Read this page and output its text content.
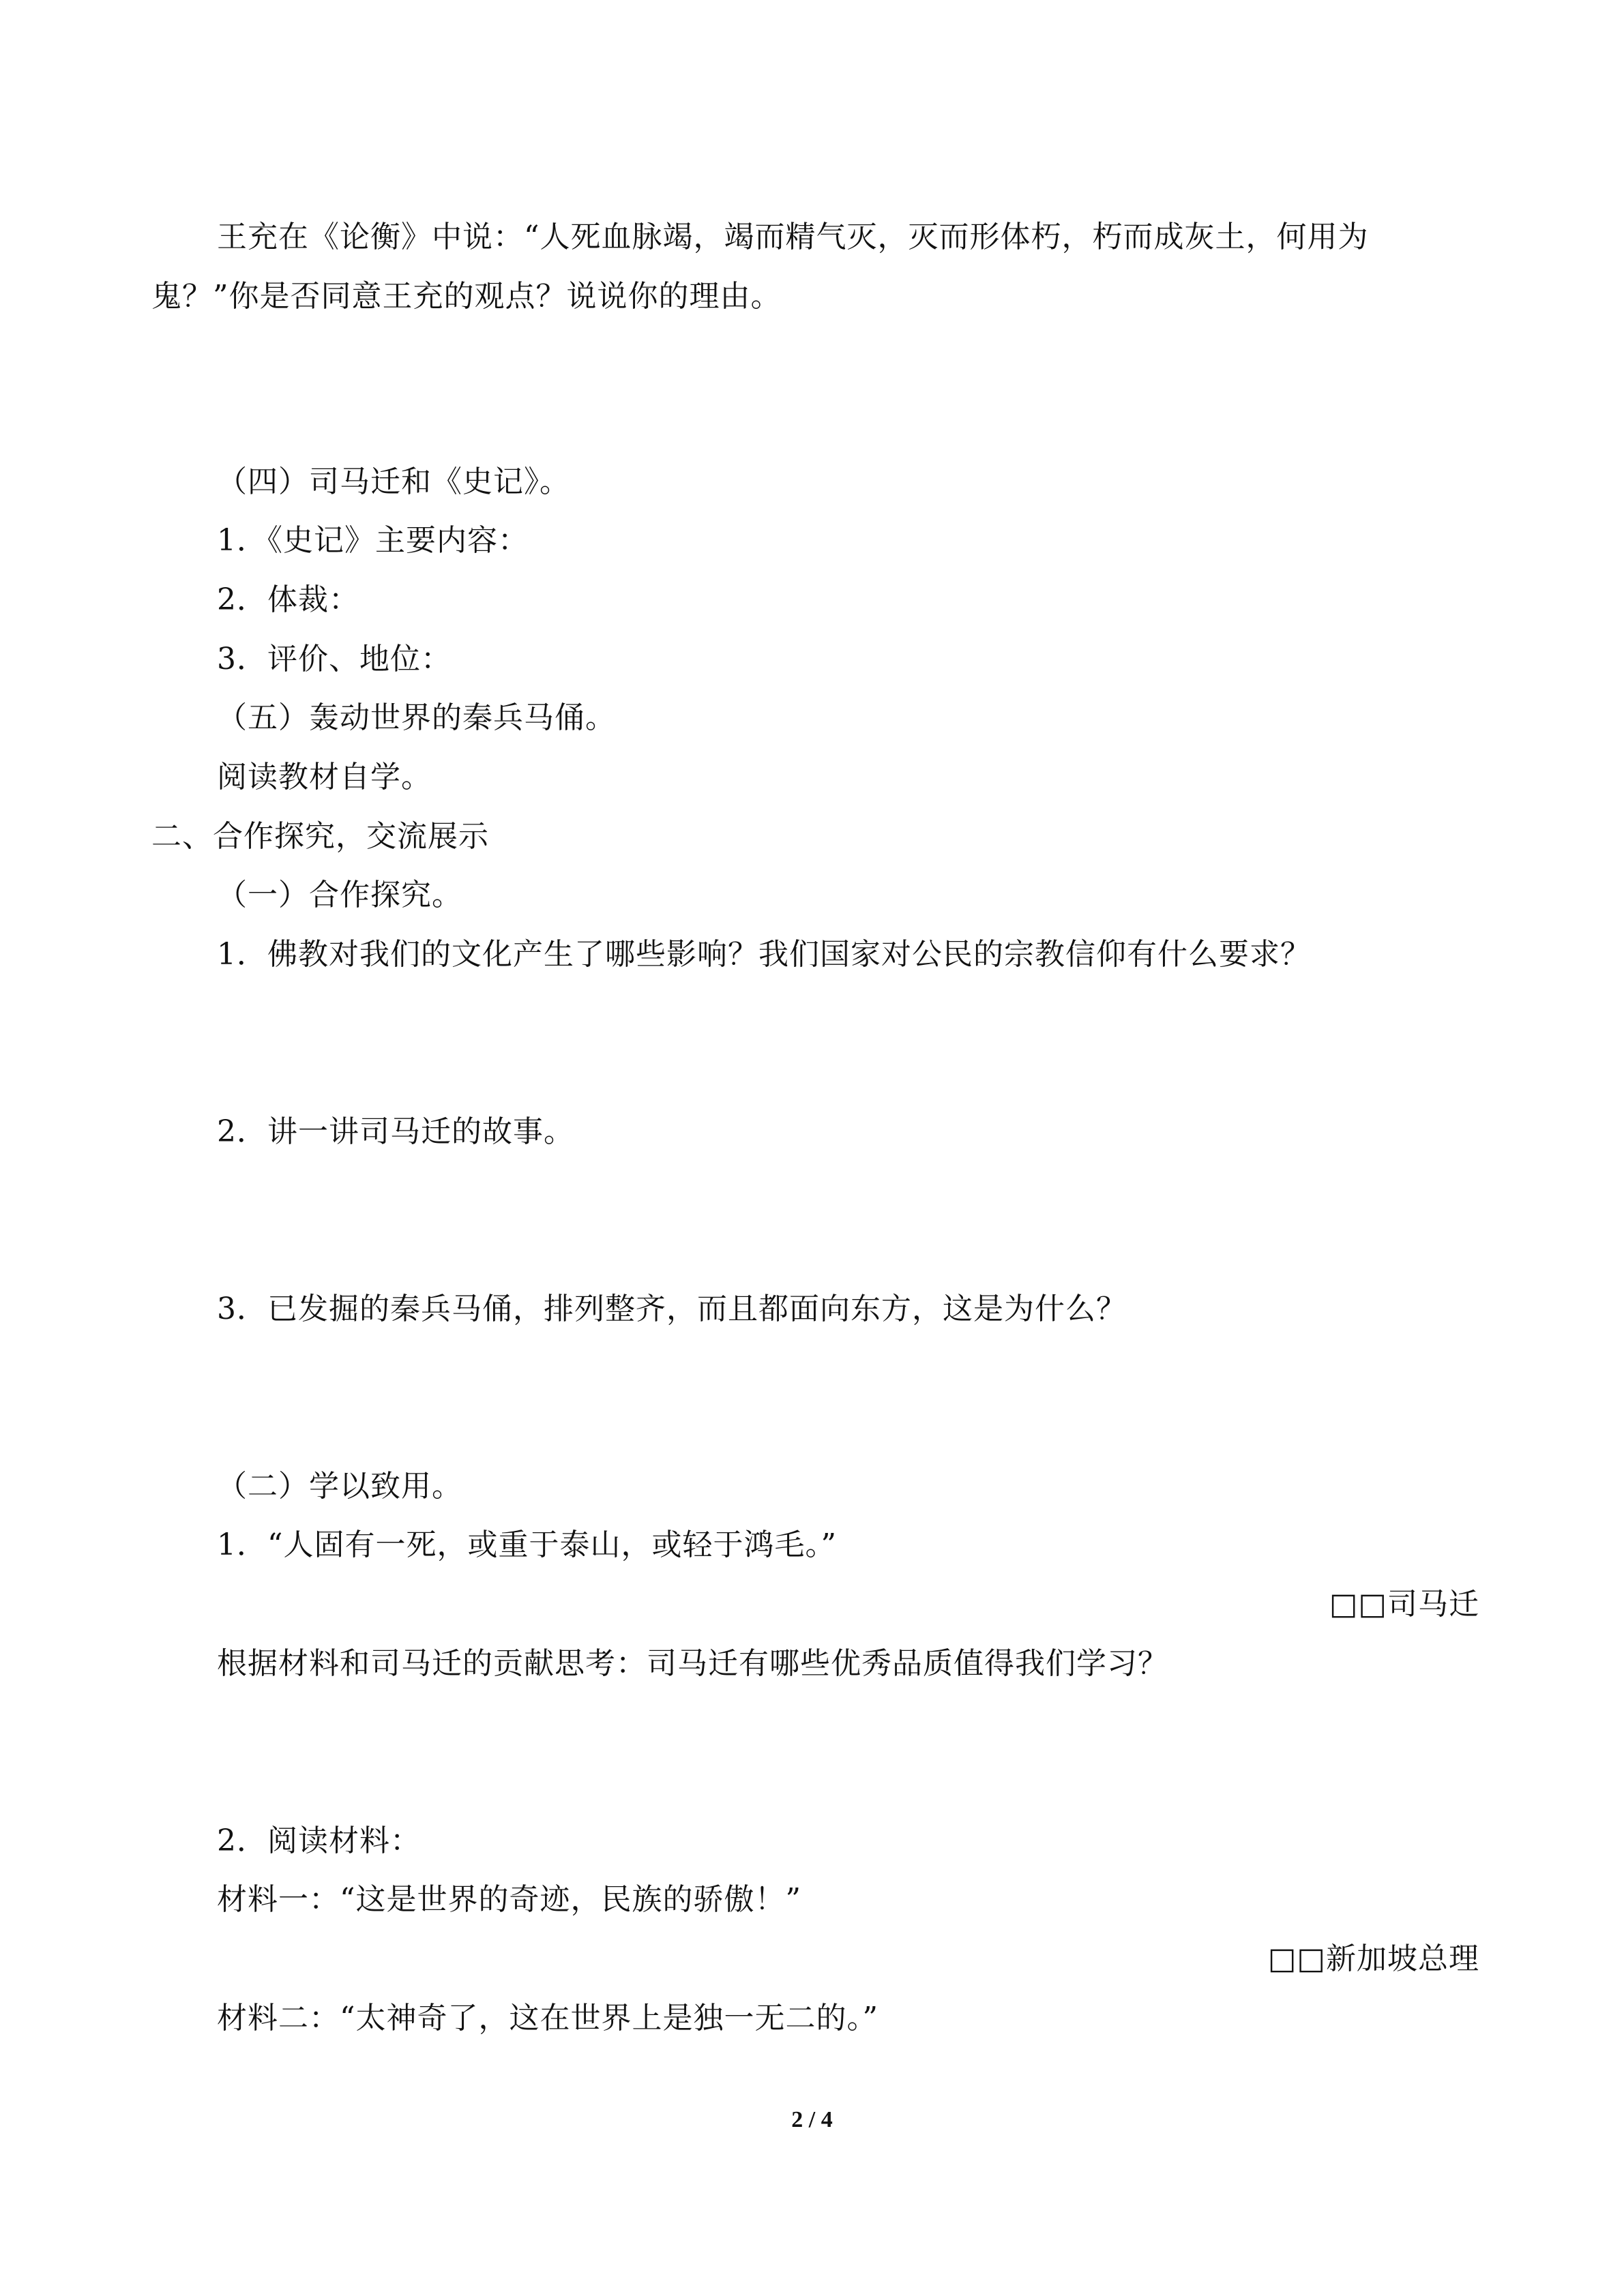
王充在《论衡》中说：“人死血脉竭，竭而精气灭，灭而形体朽，朽而成灰土，何用为
鬼？”你是否同意王充的观点？说说你的理由。
（四）司马迁和《史记》。
1．《史记》主要内容：
2．体裁：
3．评价、地位：
（五）轰动世界的秦兵马俑。
阅读教材自学。
二、合作探究，交流展示
（一）合作探究。
1．佛教对我们的文化产生了哪些影响？我们国家对公民的宗教信仰有什么要求？
2．讲一讲司马迁的故事。
3．已发掘的秦兵马俑，排列整齐，而且都面向东方，这是为什么？
（二）学以致用。
1．“人固有一死，或重于泰山，或轻于鸿毛。”
□□司马迁
根据材料和司马迁的贡献思考：司马迁有哪些优秀品质值得我们学习？
2．阅读材料：
材料一：“这是世界的奇迹，民族的骄傲！”
□□新加坡总理
材料二：“太神奇了，这在世界上是独一无二的。”
2 / 4
